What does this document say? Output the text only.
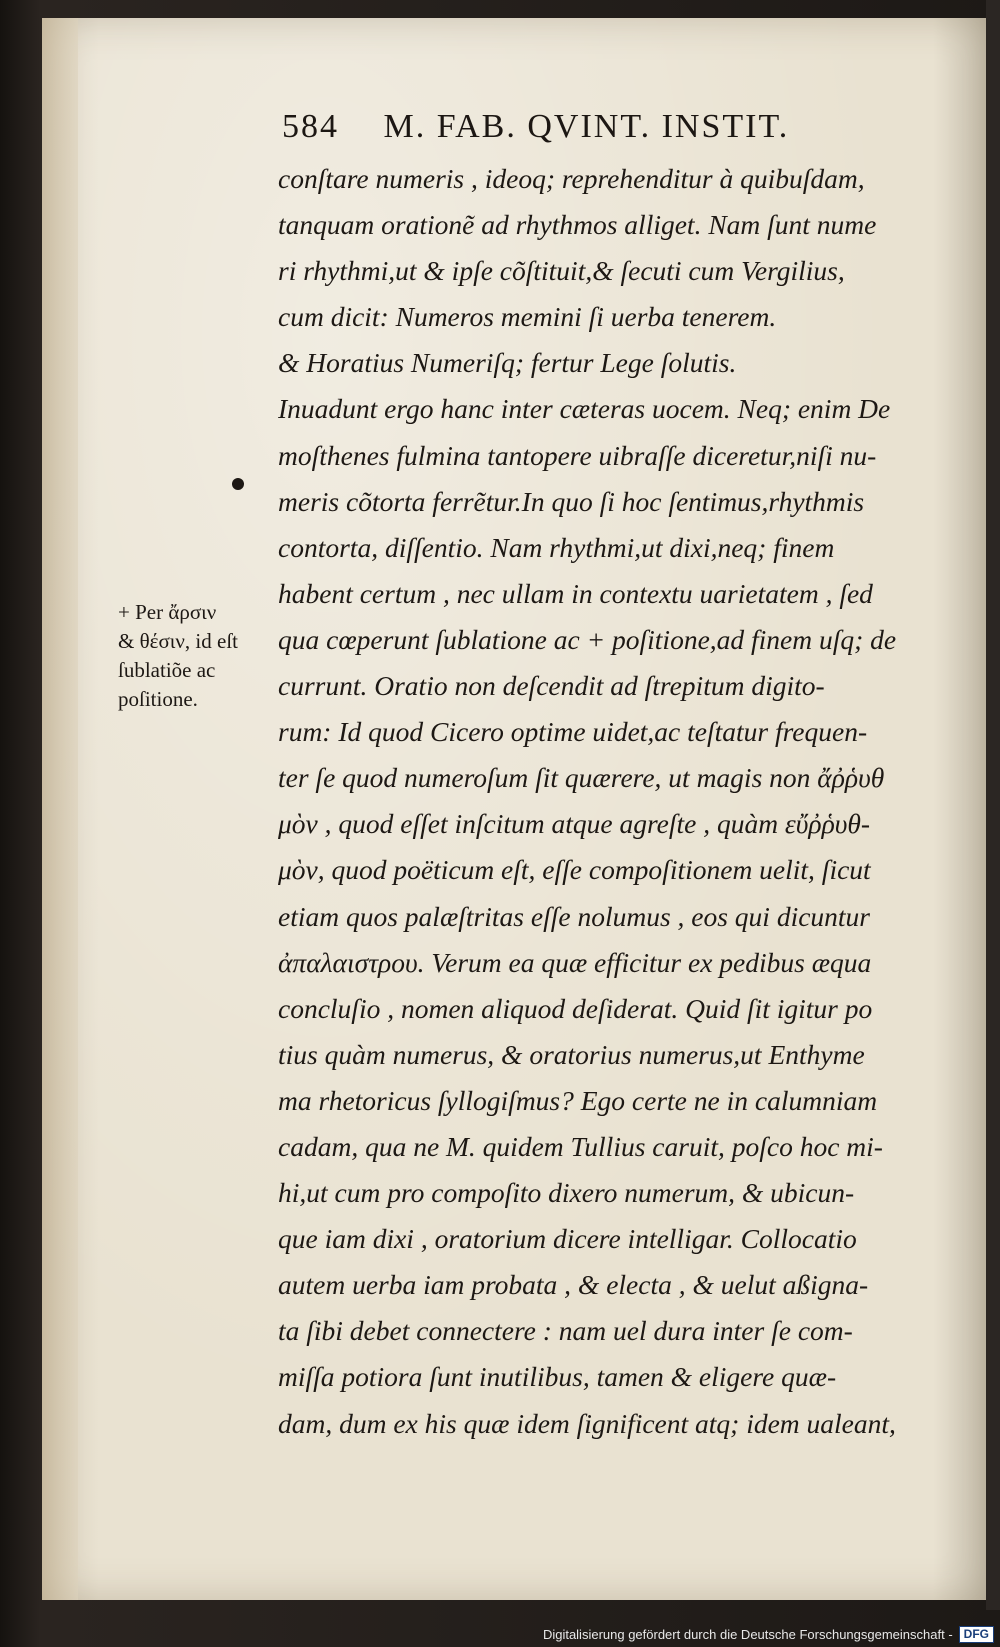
584 M. FAB. QVINT. INSTIT.
conſtare numeris , ideoq; reprehenditur à quibuſdam,
tanquam orationẽ ad rhythmos alliget. Nam ſunt nume
ri rhythmi,ut & ipſe cõſtituit,& ſecuti cum Vergilius,
cum dicit: Numeros memini ſi uerba tenerem.
& Horatius Numeriſq; fertur Lege ſolutis.
Inuadunt ergo hanc inter cæteras uocem. Neq; enim De
moſthenes fulmina tantopere uibraſſe diceretur,niſi nu-
meris cõtorta ferrẽtur.In quo ſi hoc ſentimus,rhythmis
contorta, diſſentio. Nam rhythmi,ut dixi,neq; finem
habent certum , nec ullam in contextu uarietatem , ſed
qua cœperunt ſublatione ac + poſitione,ad finem uſq; de
currunt. Oratio non deſcendit ad ſtrepitum digito-
rum: Id quod Cicero optime uidet,ac teſtatur frequen-
ter ſe quod numeroſum ſit quærere, ut magis non ἄῤῥυθ
μὸν , quod eſſet inſcitum atque agreſte , quàm εὔῤῥυθ-
μὸν, quod poëticum eſt, eſſe compoſitionem uelit, ſicut
etiam quos palæſtritas eſſe nolumus , eos qui dicuntur
ἀπαλαιστρου. Verum ea quæ efficitur ex pedibus æqua
concluſio , nomen aliquod deſiderat. Quid ſit igitur po
tius quàm numerus, & oratorius numerus,ut Enthyme
ma rhetoricus ſyllogiſmus? Ego certe ne in calumniam
cadam, qua ne M. quidem Tullius caruit, poſco hoc mi-
hi,ut cum pro compoſito dixero numerum, & ubicun-
que iam dixi , oratorium dicere intelligar. Collocatio
autem uerba iam probata , & electa , & uelut aßigna-
ta ſibi debet connectere : nam uel dura inter ſe com-
miſſa potiora ſunt inutilibus, tamen & eligere quæ-
dam, dum ex his quæ idem ſignificent atq; idem ualeant,
+ Per ἄρσιν
& θέσιν, id eſt
ſublatiõe ac
poſitione.
Digitalisierung gefördert durch die Deutsche Forschungsgemeinschaft - DFG
